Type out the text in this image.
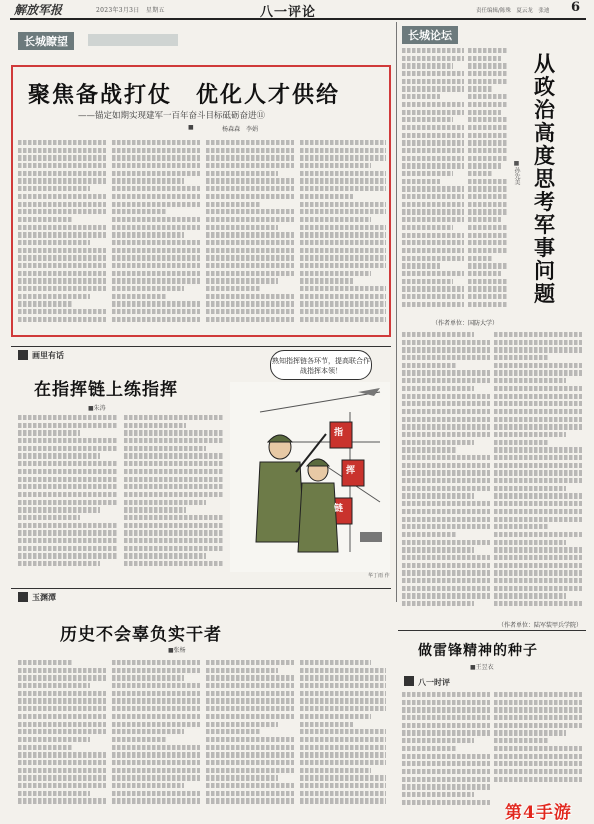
解放军报	2023年3月3日　星期五	八一评论	责任编辑/陈殊　夏云龙　张迪 6
长城瞭望
聚焦备战打仗　优化人才供给
——锚定如期实现建军一百年奋斗目标砥砺奋进⑪
■	杨森森　李娟
长城论坛
从政治高度思考军事问题
■孙先美
（作者单位：国防大学）
（作者单位：陆军装甲兵学院）
画里有话
在指挥链上练指挥
■朱涛
指
挥
链
熟知指挥链各环节，提高联合作战指挥本领！
华丁雨 作
玉渊潭
历史不会辜负实干者
■张杨	做雷锋精神的种子
■王昱衣
八一时评
第4手游
